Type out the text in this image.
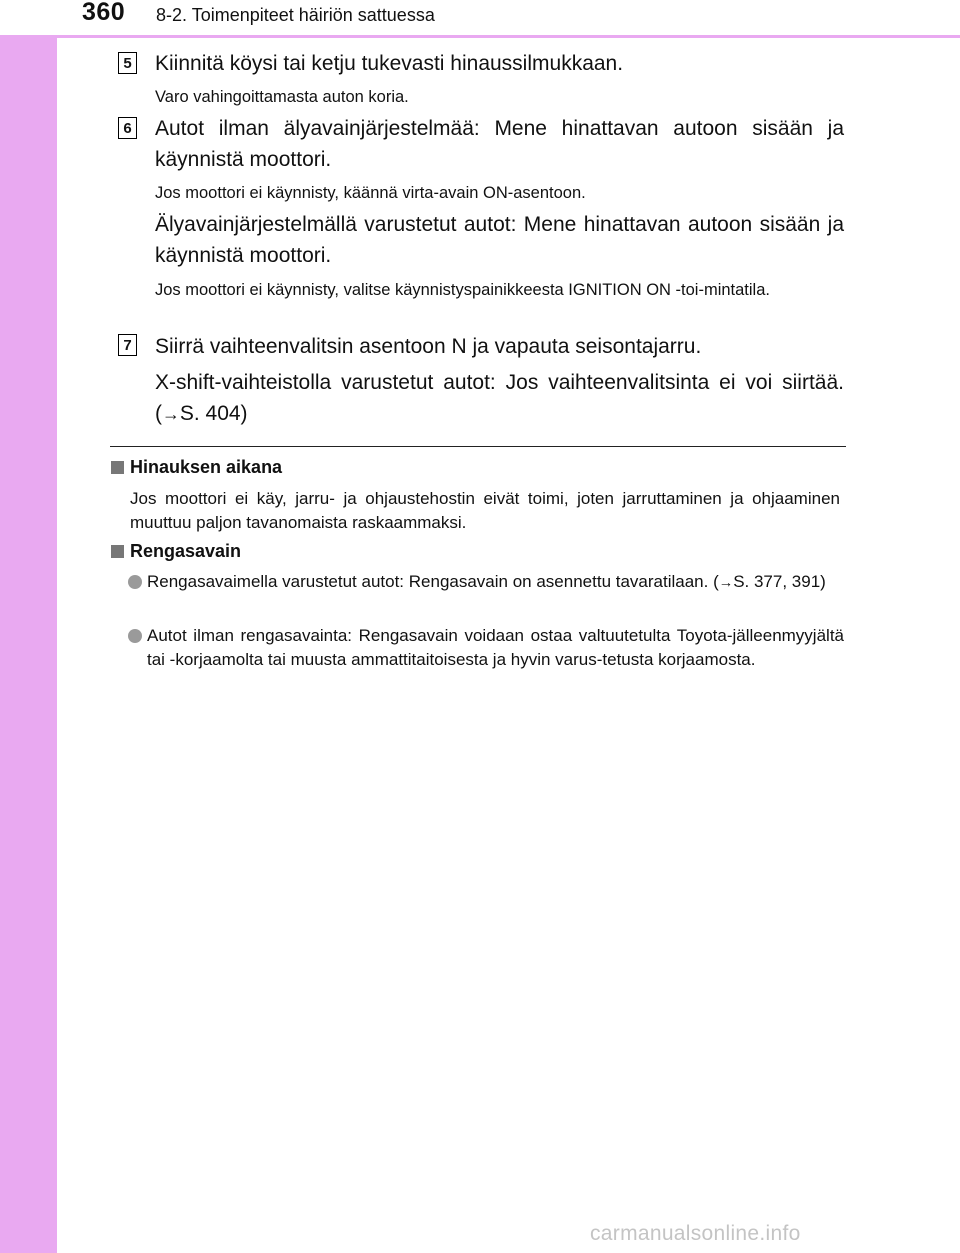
360 8-2. Toimenpiteet häiriön sattuessa
5 Kiinnitä köysi tai ketju tukevasti hinaussilmukkaan.
Varo vahingoittamasta auton koria.
6 Autot ilman älyavainjärjestelmää: Mene hinattavan autoon sisään ja käynnistä moottori.
Jos moottori ei käynnisty, käännä virta-avain ON-asentoon.
Älyavainjärjestelmällä varustetut autot: Mene hinattavan autoon sisään ja käynnistä moottori.
Jos moottori ei käynnisty, valitse käynnistyspainikkeesta IGNITION ON -toi-mintatila.
7 Siirrä vaihteenvalitsin asentoon N ja vapauta seisontajarru.
X-shift-vaihteistolla varustetut autot: Jos vaihteenvalitsinta ei voi siirtää. (→S. 404)
Hinauksen aikana
Jos moottori ei käy, jarru- ja ohjaustehostin eivät toimi, joten jarruttaminen ja ohjaaminen muuttuu paljon tavanomaista raskaammaksi.
Rengasavain
Rengasavaimella varustetut autot: Rengasavain on asennettu tavaratilaan. (→S. 377, 391)
Autot ilman rengasavainta: Rengasavain voidaan ostaa valtuutetulta Toyota-jälleenmyyjältä tai -korjaamolta tai muusta ammattitaitoisesta ja hyvin varus-tetusta korjaamosta.
carmanualsonline.info
